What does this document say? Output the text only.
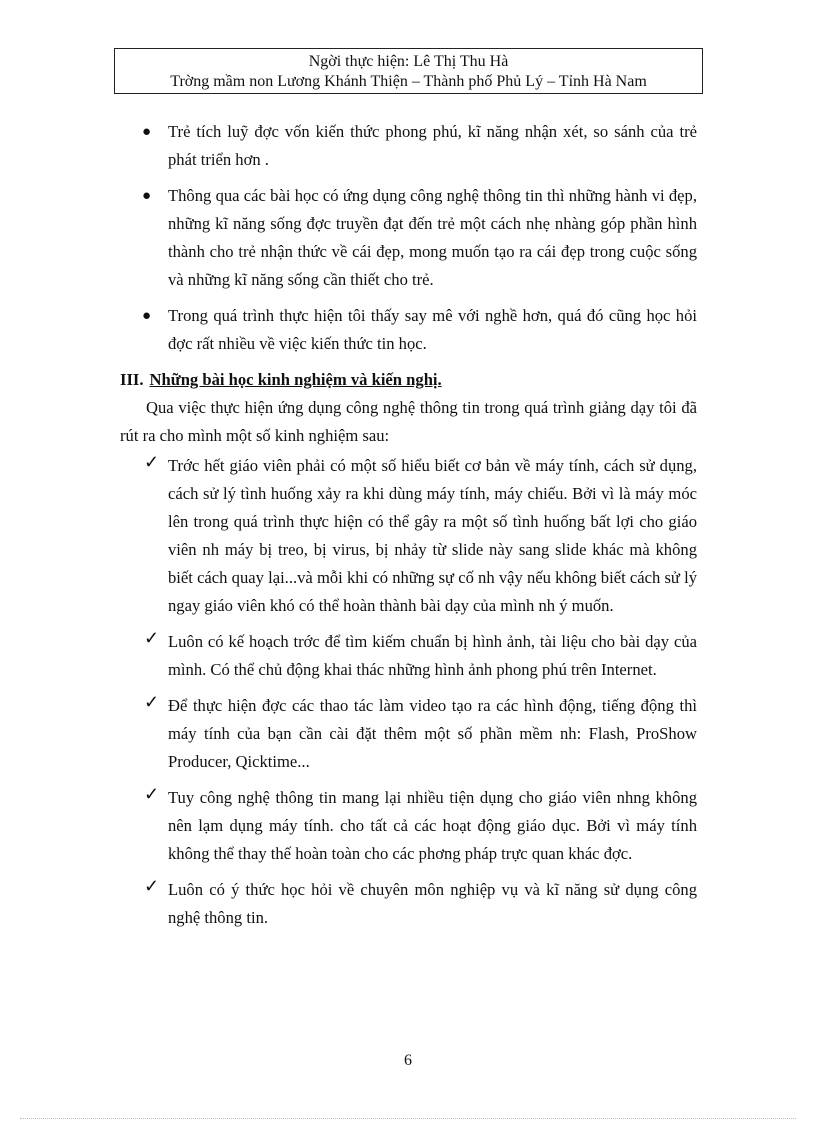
Ngời thực hiện: Lê Thị Thu Hà
Trờng mầm non Lương Khánh Thiện – Thành phố Phủ Lý – Tỉnh Hà Nam
● Trẻ tích luỹ đợc vốn kiến thức phong phú, kĩ năng nhận xét, so sánh của trẻ phát triển hơn .
● Thông qua các bài học có ứng dụng công nghệ thông tin thì những hành vi đẹp, những kĩ năng sống đợc truyền đạt đến trẻ một cách nhẹ nhàng góp phần hình thành cho trẻ nhận thức về cái đẹp, mong muốn tạo ra cái đẹp trong cuộc sống và những kĩ năng sống cần thiết cho trẻ.
● Trong quá trình thực hiện tôi thấy say mê với nghề hơn, quá đó cũng học hỏi đợc rất nhiều về việc kiến thức tin học.

III. Những bài học kinh nghiệm và kiến nghị.

Qua việc thực hiện ứng dụng công nghệ thông tin trong quá trình giảng dạy tôi đã rút ra cho mình một số kinh nghiệm sau:

✓ Trớc hết giáo viên phải có một số hiểu biết cơ bản về máy tính, cách sử dụng, cách sử lý tình huống xảy ra khi dùng máy tính, máy chiếu. Bởi vì là máy móc lên trong quá trình thực hiện có thể gây ra một số tình huống bất lợi cho giáo viên nh máy bị treo, bị virus, bị nhảy từ slide này sang slide khác mà không biết cách quay lại...và mỗi khi có những sự cố nh vậy nếu không biết cách sử lý ngay giáo viên khó có thể hoàn thành bài dạy của mình nh ý muốn.
✓ Luôn có kế hoạch trớc để tìm kiếm chuẩn bị hình ảnh, tài liệu cho bài dạy của mình. Có thể chủ động khai thác những hình ảnh phong phú trên Internet.
✓ Để thực hiện đợc các thao tác làm video tạo ra các hình động, tiếng động thì máy tính của bạn cần cài đặt thêm một số phần mềm nh: Flash, ProShow Producer, Qicktime...
✓ Tuy công nghệ thông tin mang lại nhiều tiện dụng cho giáo viên nhng không nên lạm dụng máy tính. cho tất cả các hoạt động giáo dục. Bởi vì máy tính không thể thay thế hoàn toàn cho các phơng pháp trực quan khác đợc.
✓ Luôn có ý thức học hỏi về chuyên môn nghiệp vụ và kĩ năng sử dụng công nghệ thông tin.
6
